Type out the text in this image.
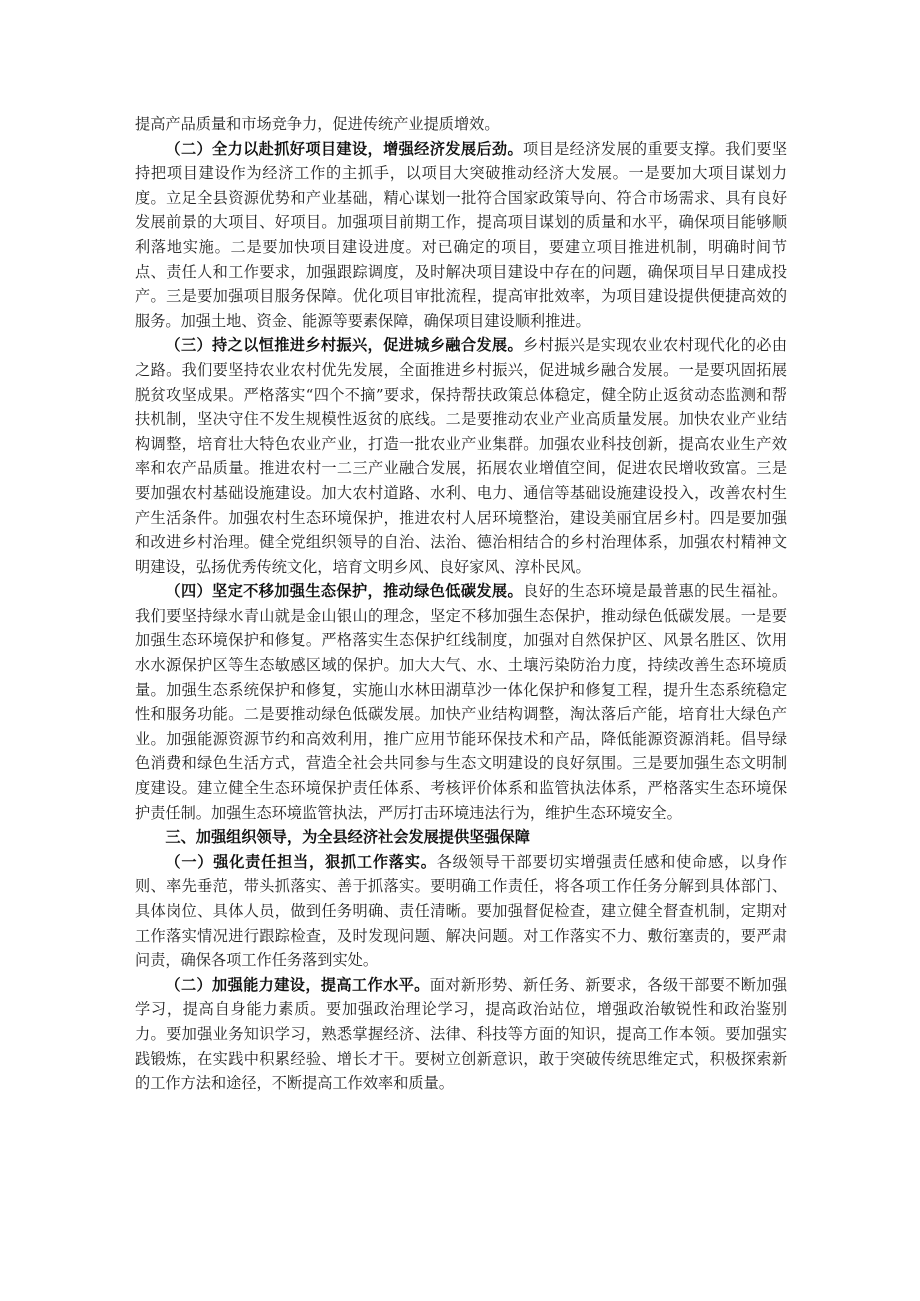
提高产品质量和市场竞争力，促进传统产业提质增效。

（二）全力以赴抓好项目建设，增强经济发展后劲。项目是经济发展的重要支撑。我们要坚持把项目建设作为经济工作的主抓手，以项目大突破推动经济大发展。一是要加大项目谋划力度。立足全县资源优势和产业基础，精心谋划一批符合国家政策导向、符合市场需求、具有良好发展前景的大项目、好项目。加强项目前期工作，提高项目谋划的质量和水平，确保项目能够顺利落地实施。二是要加快项目建设进度。对已确定的项目，要建立项目推进机制，明确时间节点、责任人和工作要求，加强跟踪调度，及时解决项目建设中存在的问题，确保项目早日建成投产。三是要加强项目服务保障。优化项目审批流程，提高审批效率，为项目建设提供便捷高效的服务。加强土地、资金、能源等要素保障，确保项目建设顺利推进。

（三）持之以恒推进乡村振兴，促进城乡融合发展。乡村振兴是实现农业农村现代化的必由之路。我们要坚持农业农村优先发展，全面推进乡村振兴，促进城乡融合发展。一是要巩固拓展脱贫攻坚成果。严格落实“四个不摘”要求，保持帮扶政策总体稳定，健全防止返贫动态监测和帮扶机制，坚决守住不发生规模性返贫的底线。二是要推动农业产业高质量发展。加快农业产业结构调整，培育壮大特色农业产业，打造一批农业产业集群。加强农业科技创新，提高农业生产效率和农产品质量。推进农村一二三产业融合发展，拓展农业增值空间，促进农民增收致富。三是要加强农村基础设施建设。加大农村道路、水利、电力、通信等基础设施建设投入，改善农村生产生活条件。加强农村生态环境保护，推进农村人居环境整治，建设美丽宜居乡村。四是要加强和改进乡村治理。健全党组织领导的自治、法治、德治相结合的乡村治理体系，加强农村精神文明建设，弘扬优秀传统文化，培育文明乡风、良好家风、淳朴民风。

（四）坚定不移加强生态保护，推动绿色低碳发展。良好的生态环境是最普惠的民生福祉。我们要坚持绿水青山就是金山银山的理念，坚定不移加强生态保护，推动绿色低碳发展。一是要加强生态环境保护和修复。严格落实生态保护红线制度，加强对自然保护区、风景名胜区、饮用水水源保护区等生态敏感区域的保护。加大大气、水、土壤污染防治力度，持续改善生态环境质量。加强生态系统保护和修复，实施山水林田湖草沙一体化保护和修复工程，提升生态系统稳定性和服务功能。二是要推动绿色低碳发展。加快产业结构调整，淘汰落后产能，培育壮大绿色产业。加强能源资源节约和高效利用，推广应用节能环保技术和产品，降低能源资源消耗。倡导绿色消费和绿色生活方式，营造全社会共同参与生态文明建设的良好氛围。三是要加强生态文明制度建设。建立健全生态环境保护责任体系、考核评价体系和监管执法体系，严格落实生态环境保护责任制。加强生态环境监管执法，严厉打击环境违法行为，维护生态环境安全。

三、加强组织领导，为全县经济社会发展提供坚强保障

（一）强化责任担当，狠抓工作落实。各级领导干部要切实增强责任感和使命感，以身作则、率先垂范，带头抓落实、善于抓落实。要明确工作责任，将各项工作任务分解到具体部门、具体岗位、具体人员，做到任务明确、责任清晰。要加强督促检查，建立健全督查机制，定期对工作落实情况进行跟踪检查，及时发现问题、解决问题。对工作落实不力、敷衍塞责的，要严肃问责，确保各项工作任务落到实处。

（二）加强能力建设，提高工作水平。面对新形势、新任务、新要求，各级干部要不断加强学习，提高自身能力素质。要加强政治理论学习，提高政治站位，增强政治敏锐性和政治鉴别力。要加强业务知识学习，熟悉掌握经济、法律、科技等方面的知识，提高工作本领。要加强实践锻炼，在实践中积累经验、增长才干。要树立创新意识，敢于突破传统思维定式，积极探索新的工作方法和途径，不断提高工作效率和质量。
